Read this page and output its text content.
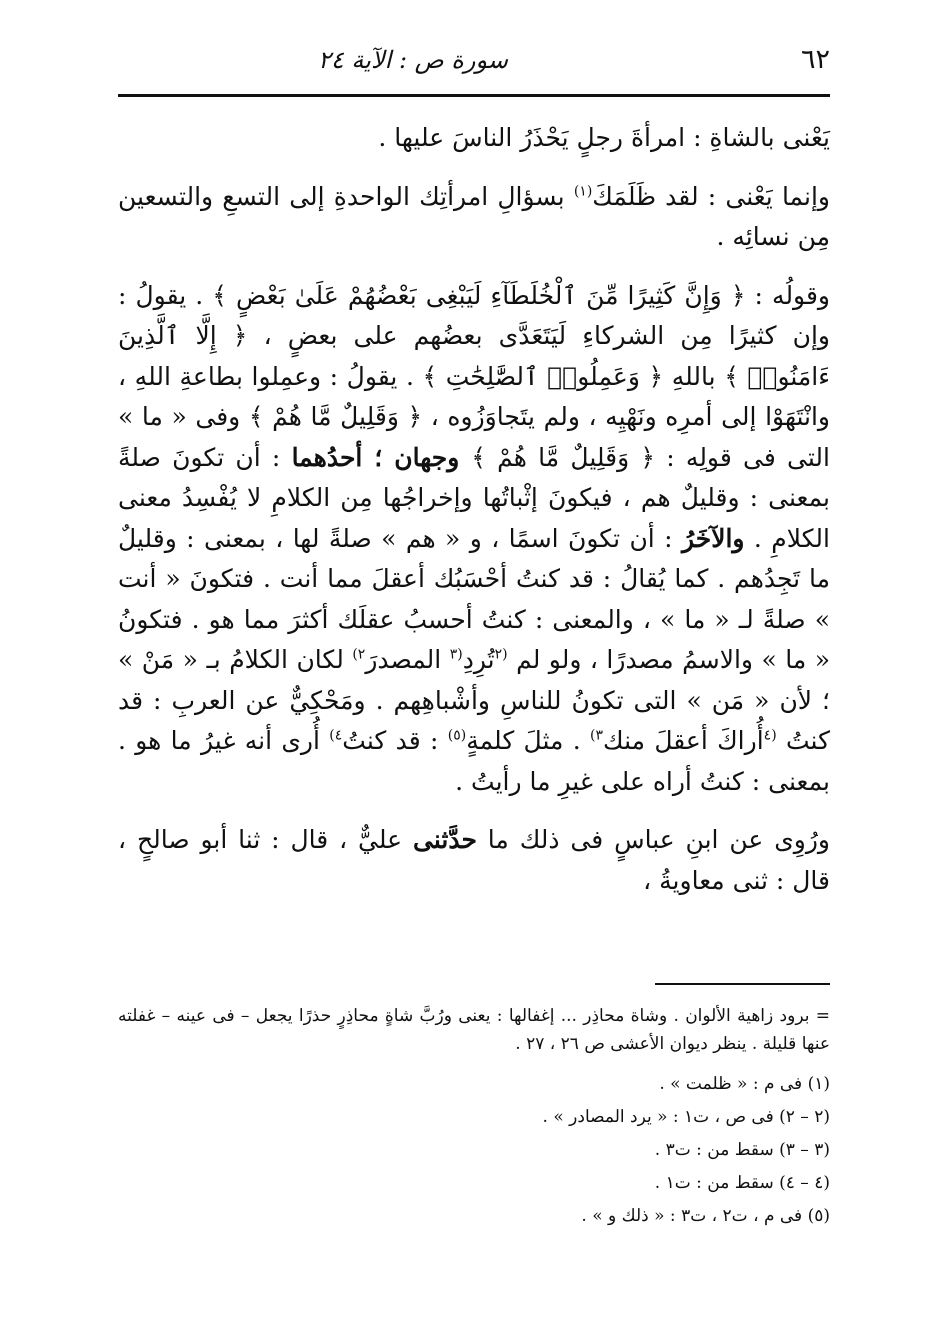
٦٢
سورة ص : الآية ٢٤

يَعْنى بالشاةِ : امرأةَ رجلٍ يَحْذَرُ الناسَ عليها .

وإنما يَعْنى : لقد ظَلَمَكَ$^{(١)}$ بسؤالِ امرأتِك الواحدةِ إلى التسعِ والتسعين مِن نسائِه .

وقولُه : ﴿ وَإِنَّ كَثِيرًا مِّنَ ٱلْخُلَطَآءِ لَيَبْغِى بَعْضُهُمْ عَلَىٰ بَعْضٍ ﴾ . يقولُ : وإن كثيرًا مِن الشركاءِ لَيَتَعَدَّى بعضُهم على بعضٍ ، ﴿ إِلَّا ٱلَّذِينَ ءَامَنُوا۟ ﴾ باللهِ ﴿ وَعَمِلُوا۟ ٱلصَّٰلِحَٰتِ ﴾ . يقولُ : وعمِلوا بطاعةِ اللهِ ، وانْتَهَوْا إلى أمرِه ونَهْيِه ، ولم يتَجاوَزُوه ، ﴿ وَقَلِيلٌ مَّا هُمْ ﴾ وفى « ما » التى فى قولِه : ﴿ وَقَلِيلٌ مَّا هُمْ ﴾ وجهان ؛ أحدُهما : أن تكونَ صلةً بمعنى : وقليلٌ هم ، فيكونَ إثْباتُها وإخراجُها مِن الكلامِ لا يُفْسِدُ معنى الكلامِ . والآخَرُ : أن تكونَ اسمًا ، و « هم » صلةً لها ، بمعنى : وقليلٌ ما تَجِدُهم . كما يُقالُ : قد كنتُ أحْسَبُك أعقلَ مما أنت . فتكونَ « أنت » صلةً لـ « ما » ، والمعنى : كنتُ أحسبُ عقلَك أكثرَ مما هو . فتكونُ « ما » والاسمُ مصدرًا ، ولو لم $^{(٢}$تُرِدِ$^{(٣}$ المصدرَ$^{٢)}$ لكان الكلامُ بـ « مَنْ » ؛ لأن « مَن » التى تكونُ للناسِ وأشْباهِهم . ومَحْكِيٌّ عن العربِ : قد كنتُ $^{(٤}$أُراكَ أعقلَ منك$^{٣)}$ . مثلَ كلمةٍ$^{(٥)}$ : قد كنتُ$^{٤)}$ أُرى أنه غيرُ ما هو . بمعنى : كنتُ أراه على غيرِ ما رأيتُ .

ورُوِى عن ابنِ عباسٍ فى ذلك ما حدَّثنى عليٌّ ، قال : ثنا أبو صالحٍ ، قال : ثنى معاويةُ ،

= برود زاهية الألوان . وشاة محاذِر ... إغفالها : يعنى ورُبَّ شاةٍ محاذِرٍ حذرًا يجعل – فى عينه – غفلته عنها قليلة . ينظر ديوان الأعشى ص ٢٦ ، ٢٧ .

(١) فى م : « ظلمت » .

(٢ – ٢) فى ص ، ت١ : « يرد المصادر » .

(٣ – ٣) سقط من : ت٣ .

(٤ – ٤) سقط من : ت١ .

(٥) فى م ، ت٢ ، ت٣ : « ذلك و » .
